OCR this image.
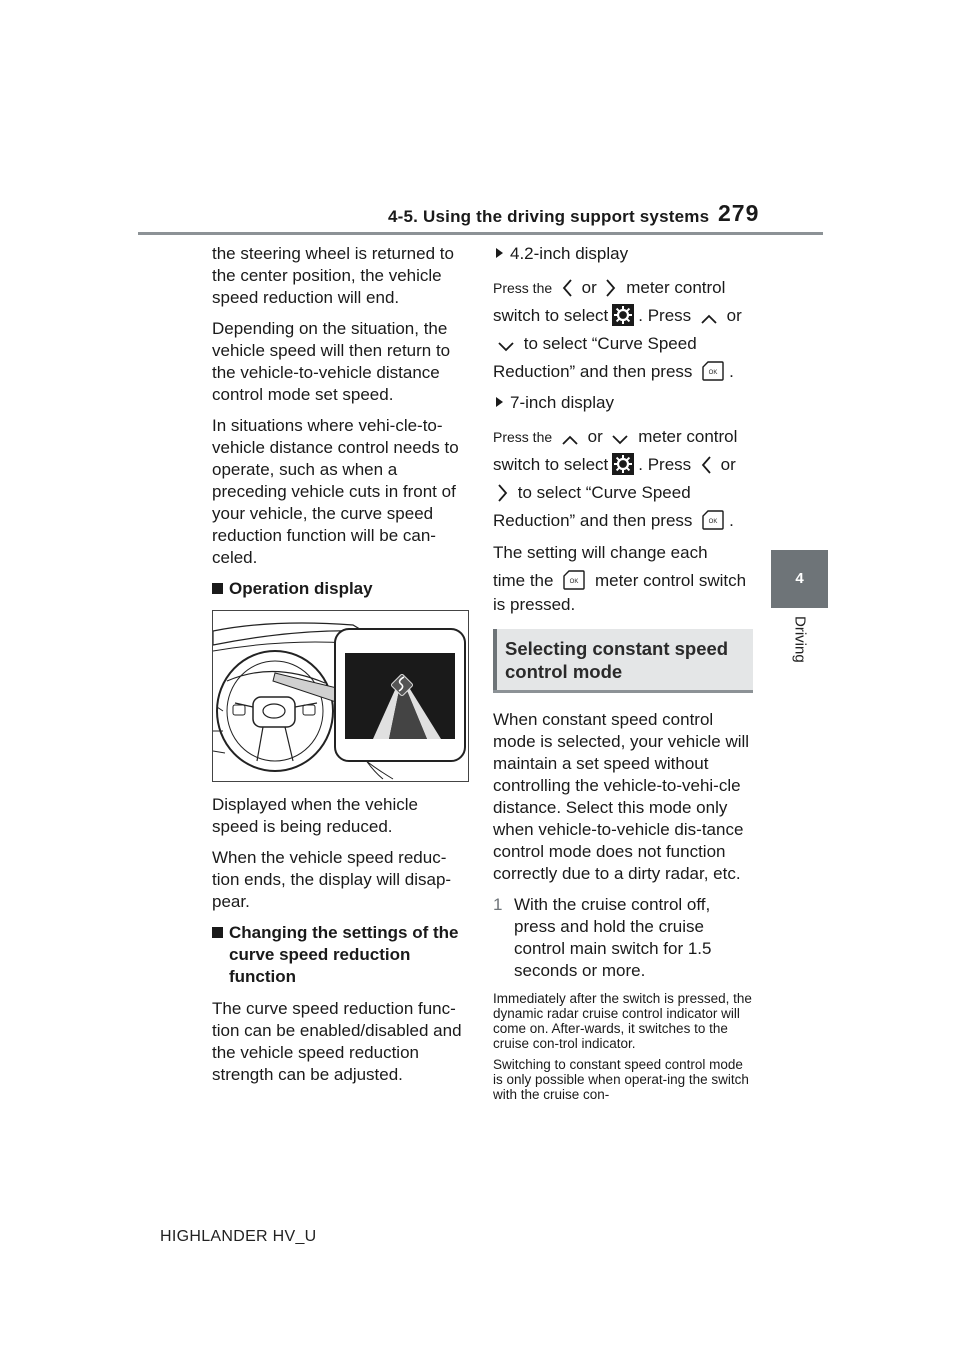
4-5. Using the driving support systems 279
4
Driving

the steering wheel is returned to the center position, the vehicle speed reduction will end.

Depending on the situation, the vehicle speed will then return to the vehicle-to-vehicle distance control mode set speed.

In situations where vehi-cle-to-vehicle distance control needs to operate, such as when a preceding vehicle cuts in front of your vehicle, the curve speed reduction function will be can-celed.

Operation display

Displayed when the vehicle speed is being reduced.

When the vehicle speed reduc-tion ends, the display will disap-pear.

Changing the settings of the curve speed reduction function

The curve speed reduction func-tion can be enabled/disabled and the vehicle speed reduction strength can be adjusted.

4.2-inch display

Press the or meter control
switch to select . Press or
to select “Curve Speed
Reduction” and then press	OK .

7-inch display

Press the or meter control
switch to select . Press or
to select “Curve Speed
Reduction” and then press	OK .
The setting will change each
time the	OK meter control switch

is pressed.

Selecting constant speed control mode

When constant speed control mode is selected, your vehicle will maintain a set speed without controlling the vehicle-to-vehi-cle distance. Select this mode only when vehicle-to-vehicle dis-tance control mode does not function correctly due to a dirty radar, etc.

1 With the cruise control off, press and hold the cruise control main switch for 1.5 seconds or more.

Immediately after the switch is pressed, the dynamic radar cruise control indicator will come on. After-wards, it switches to the cruise con-trol indicator.

Switching to constant speed control mode is only possible when operat-ing the switch with the cruise con-

HIGHLANDER HV_U
